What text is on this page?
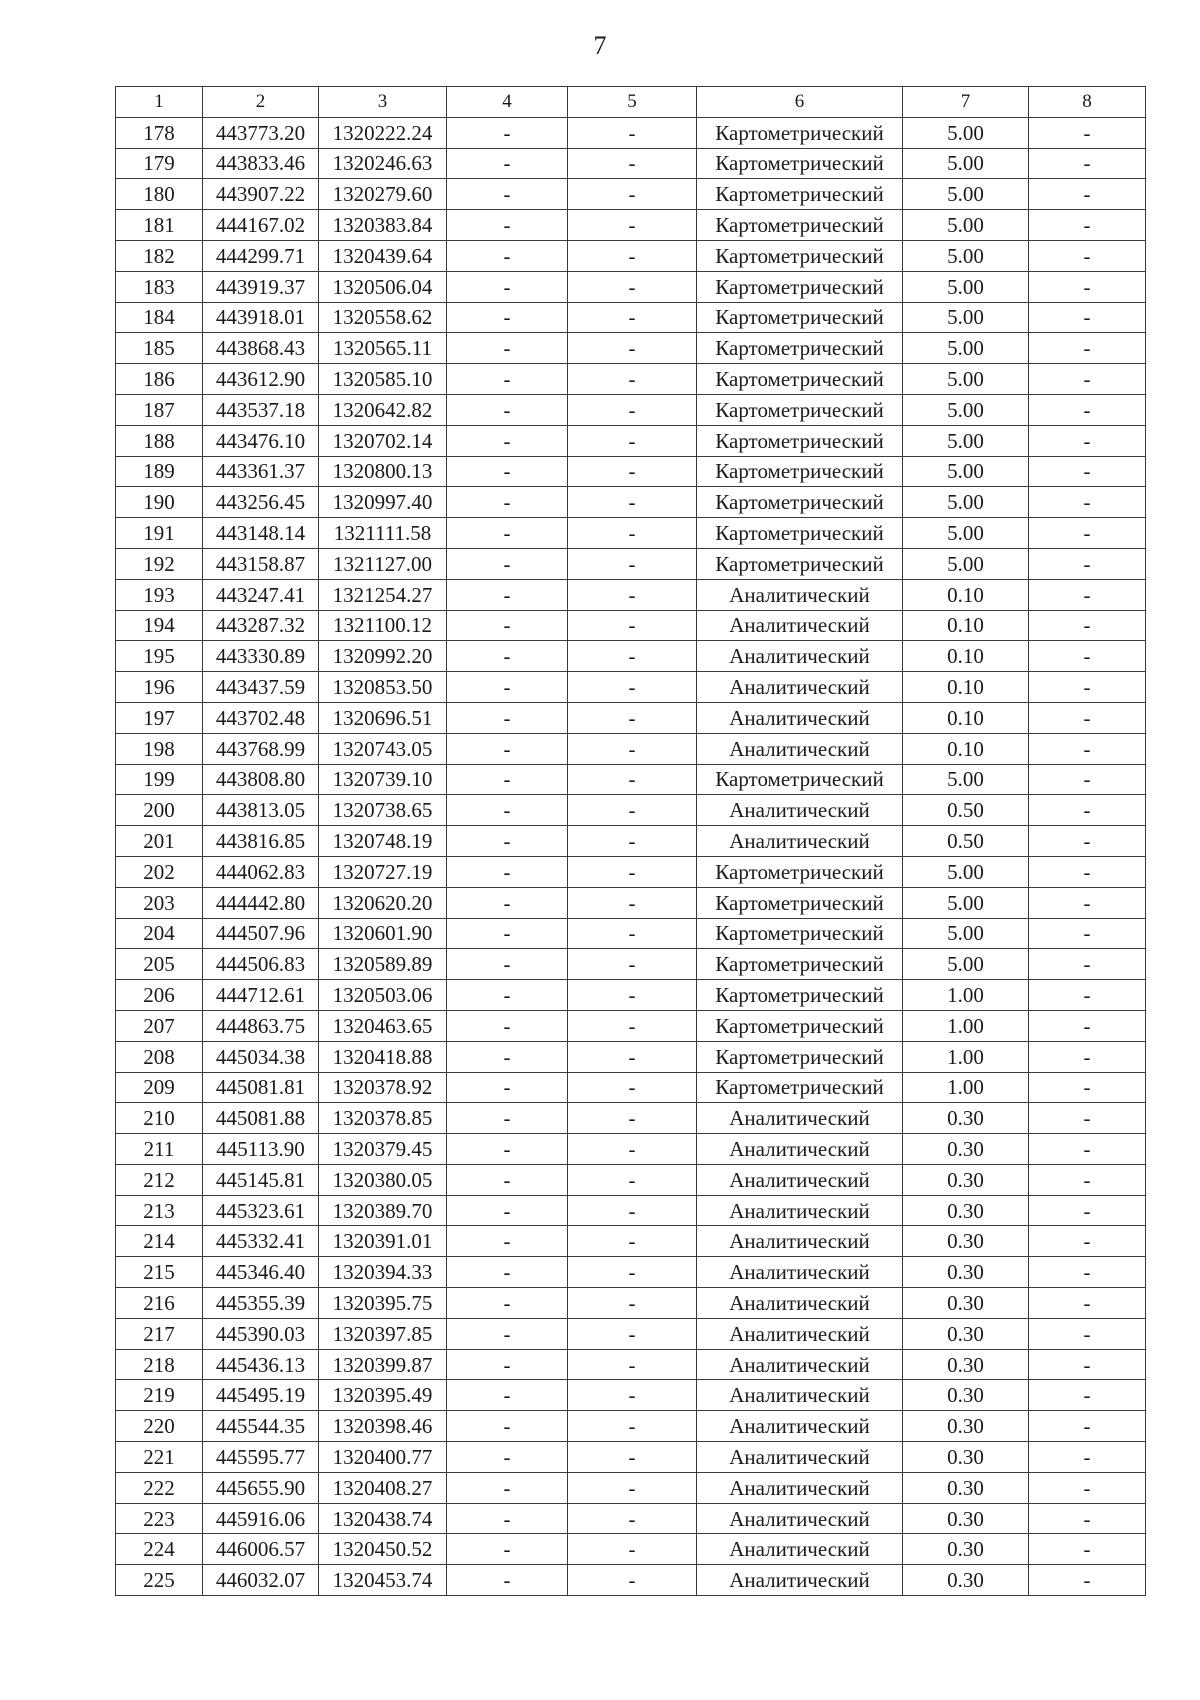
7
1	2	3	4	5	6	7	8
178	443773.20	1320222.24	-	-	Картометрический	5.00	-
179	443833.46	1320246.63	-	-	Картометрический	5.00	-
180	443907.22	1320279.60	-	-	Картометрический	5.00	-
181	444167.02	1320383.84	-	-	Картометрический	5.00	-
182	444299.71	1320439.64	-	-	Картометрический	5.00	-
183	443919.37	1320506.04	-	-	Картометрический	5.00	-
184	443918.01	1320558.62	-	-	Картометрический	5.00	-
185	443868.43	1320565.11	-	-	Картометрический	5.00	-
186	443612.90	1320585.10	-	-	Картометрический	5.00	-
187	443537.18	1320642.82	-	-	Картометрический	5.00	-
188	443476.10	1320702.14	-	-	Картометрический	5.00	-
189	443361.37	1320800.13	-	-	Картометрический	5.00	-
190	443256.45	1320997.40	-	-	Картометрический	5.00	-
191	443148.14	1321111.58	-	-	Картометрический	5.00	-
192	443158.87	1321127.00	-	-	Картометрический	5.00	-
193	443247.41	1321254.27	-	-	Аналитический	0.10	-
194	443287.32	1321100.12	-	-	Аналитический	0.10	-
195	443330.89	1320992.20	-	-	Аналитический	0.10	-
196	443437.59	1320853.50	-	-	Аналитический	0.10	-
197	443702.48	1320696.51	-	-	Аналитический	0.10	-
198	443768.99	1320743.05	-	-	Аналитический	0.10	-
199	443808.80	1320739.10	-	-	Картометрический	5.00	-
200	443813.05	1320738.65	-	-	Аналитический	0.50	-
201	443816.85	1320748.19	-	-	Аналитический	0.50	-
202	444062.83	1320727.19	-	-	Картометрический	5.00	-
203	444442.80	1320620.20	-	-	Картометрический	5.00	-
204	444507.96	1320601.90	-	-	Картометрический	5.00	-
205	444506.83	1320589.89	-	-	Картометрический	5.00	-
206	444712.61	1320503.06	-	-	Картометрический	1.00	-
207	444863.75	1320463.65	-	-	Картометрический	1.00	-
208	445034.38	1320418.88	-	-	Картометрический	1.00	-
209	445081.81	1320378.92	-	-	Картометрический	1.00	-
210	445081.88	1320378.85	-	-	Аналитический	0.30	-
211	445113.90	1320379.45	-	-	Аналитический	0.30	-
212	445145.81	1320380.05	-	-	Аналитический	0.30	-
213	445323.61	1320389.70	-	-	Аналитический	0.30	-
214	445332.41	1320391.01	-	-	Аналитический	0.30	-
215	445346.40	1320394.33	-	-	Аналитический	0.30	-
216	445355.39	1320395.75	-	-	Аналитический	0.30	-
217	445390.03	1320397.85	-	-	Аналитический	0.30	-
218	445436.13	1320399.87	-	-	Аналитический	0.30	-
219	445495.19	1320395.49	-	-	Аналитический	0.30	-
220	445544.35	1320398.46	-	-	Аналитический	0.30	-
221	445595.77	1320400.77	-	-	Аналитический	0.30	-
222	445655.90	1320408.27	-	-	Аналитический	0.30	-
223	445916.06	1320438.74	-	-	Аналитический	0.30	-
224	446006.57	1320450.52	-	-	Аналитический	0.30	-
225	446032.07	1320453.74	-	-	Аналитический	0.30	-
